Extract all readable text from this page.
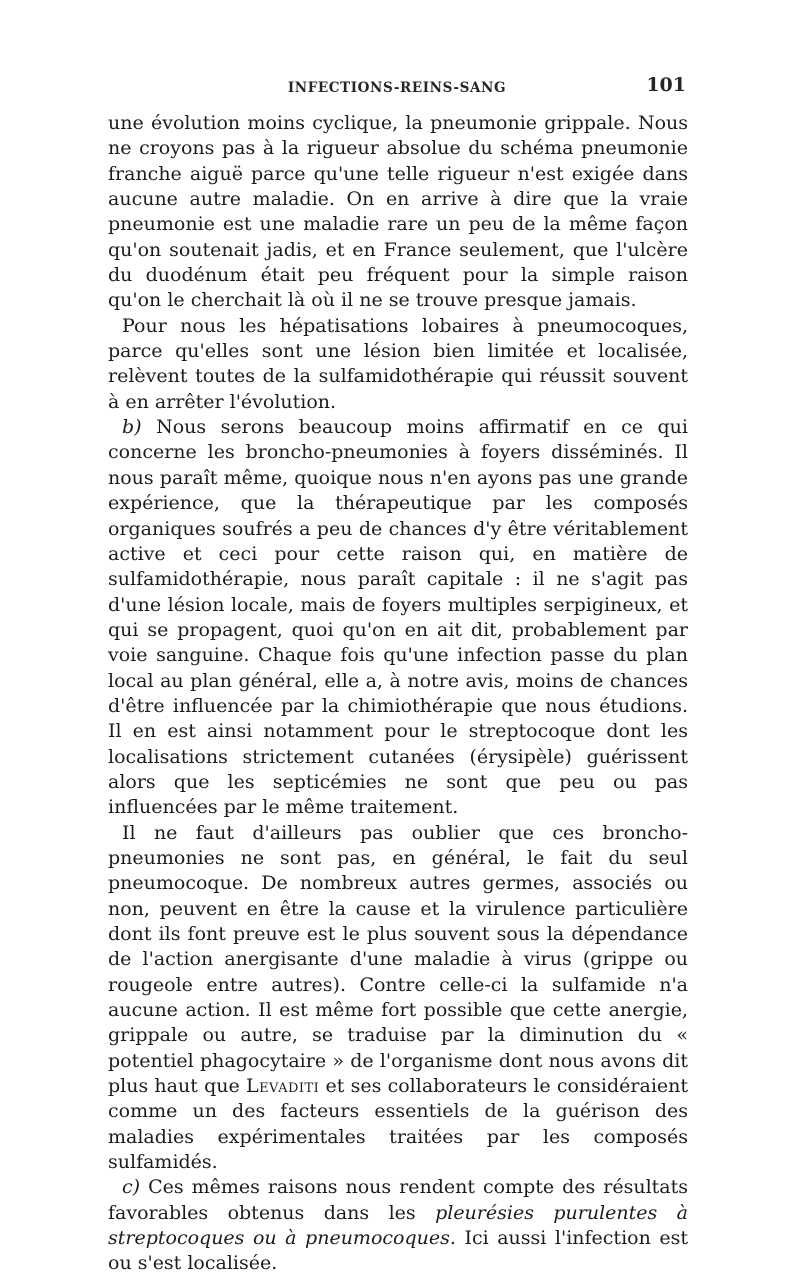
INFECTIONS-REINS-SANG	101

une évolution moins cyclique, la pneumonie grippale. Nous ne croyons pas à la rigueur absolue du schéma pneumonie franche aiguë parce qu'une telle rigueur n'est exigée dans aucune autre maladie. On en arrive à dire que la vraie pneumonie est une maladie rare un peu de la même façon qu'on soutenait jadis, et en France seulement, que l'ulcère du duodénum était peu fréquent pour la simple raison qu'on le cherchait là où il ne se trouve presque jamais.

Pour nous les hépatisations lobaires à pneumocoques, parce qu'elles sont une lésion bien limitée et localisée, relèvent toutes de la sulfamidothérapie qui réussit souvent à en arrêter l'évolution.

b) Nous serons beaucoup moins affirmatif en ce qui concerne les broncho-pneumonies à foyers disséminés. Il nous paraît même, quoique nous n'en ayons pas une grande expérience, que la thérapeutique par les composés organiques soufrés a peu de chances d'y être véritablement active et ceci pour cette raison qui, en matière de sulfamidothérapie, nous paraît capitale : il ne s'agit pas d'une lésion locale, mais de foyers multiples serpigineux, et qui se propagent, quoi qu'on en ait dit, probablement par voie sanguine. Chaque fois qu'une infection passe du plan local au plan général, elle a, à notre avis, moins de chances d'être influencée par la chimiothérapie que nous étudions. Il en est ainsi notamment pour le streptocoque dont les localisations strictement cutanées (érysipèle) guérissent alors que les septicémies ne sont que peu ou pas influencées par le même traitement.

Il ne faut d'ailleurs pas oublier que ces broncho-pneumonies ne sont pas, en général, le fait du seul pneumocoque. De nombreux autres germes, associés ou non, peuvent en être la cause et la virulence particulière dont ils font preuve est le plus souvent sous la dépendance de l'action anergisante d'une maladie à virus (grippe ou rougeole entre autres). Contre celle-ci la sulfamide n'a aucune action. Il est même fort possible que cette anergie, grippale ou autre, se traduise par la diminution du « potentiel phagocytaire » de l'organisme dont nous avons dit plus haut que Levaditi et ses collaborateurs le considéraient comme un des facteurs essentiels de la guérison des maladies expérimentales traitées par les composés sulfamidés.

c) Ces mêmes raisons nous rendent compte des résultats favorables obtenus dans les pleurésies purulentes à streptocoques ou à pneumocoques. Ici aussi l'infection est ou s'est localisée.
